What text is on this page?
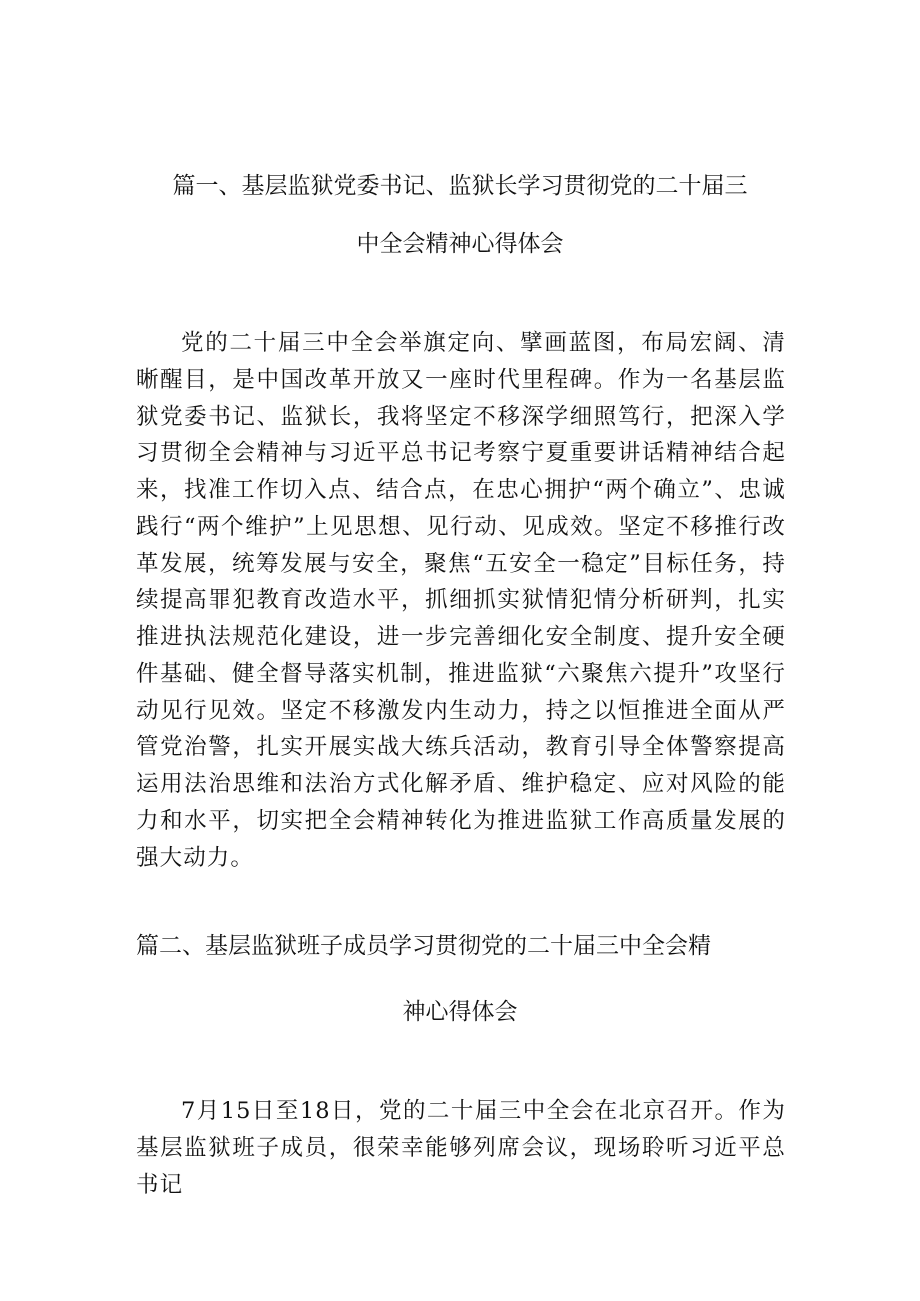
篇一、基层监狱党委书记、监狱长学习贯彻党的二十届三
中全会精神心得体会

党的二十届三中全会举旗定向、擘画蓝图，布局宏阔、清晰醒目，是中国改革开放又一座时代里程碑。作为一名基层监狱党委书记、监狱长，我将坚定不移深学细照笃行，把深入学习贯彻全会精神与习近平总书记考察宁夏重要讲话精神结合起来，找准工作切入点、结合点，在忠心拥护“两个确立”、忠诚践行“两个维护”上见思想、见行动、见成效。坚定不移推行改革发展，统筹发展与安全，聚焦“五安全一稳定”目标任务，持续提高罪犯教育改造水平，抓细抓实狱情犯情分析研判，扎实推进执法规范化建设，进一步完善细化安全制度、提升安全硬件基础、健全督导落实机制，推进监狱“六聚焦六提升”攻坚行动见行见效。坚定不移激发内生动力，持之以恒推进全面从严管党治警，扎实开展实战大练兵活动，教育引导全体警察提高运用法治思维和法治方式化解矛盾、维护稳定、应对风险的能力和水平，切实把全会精神转化为推进监狱工作高质量发展的强大动力。

篇二、基层监狱班子成员学习贯彻党的二十届三中全会精
神心得体会

7月15日至18日，党的二十届三中全会在北京召开。作为基层监狱班子成员，很荣幸能够列席会议，现场聆听习近平总书记
